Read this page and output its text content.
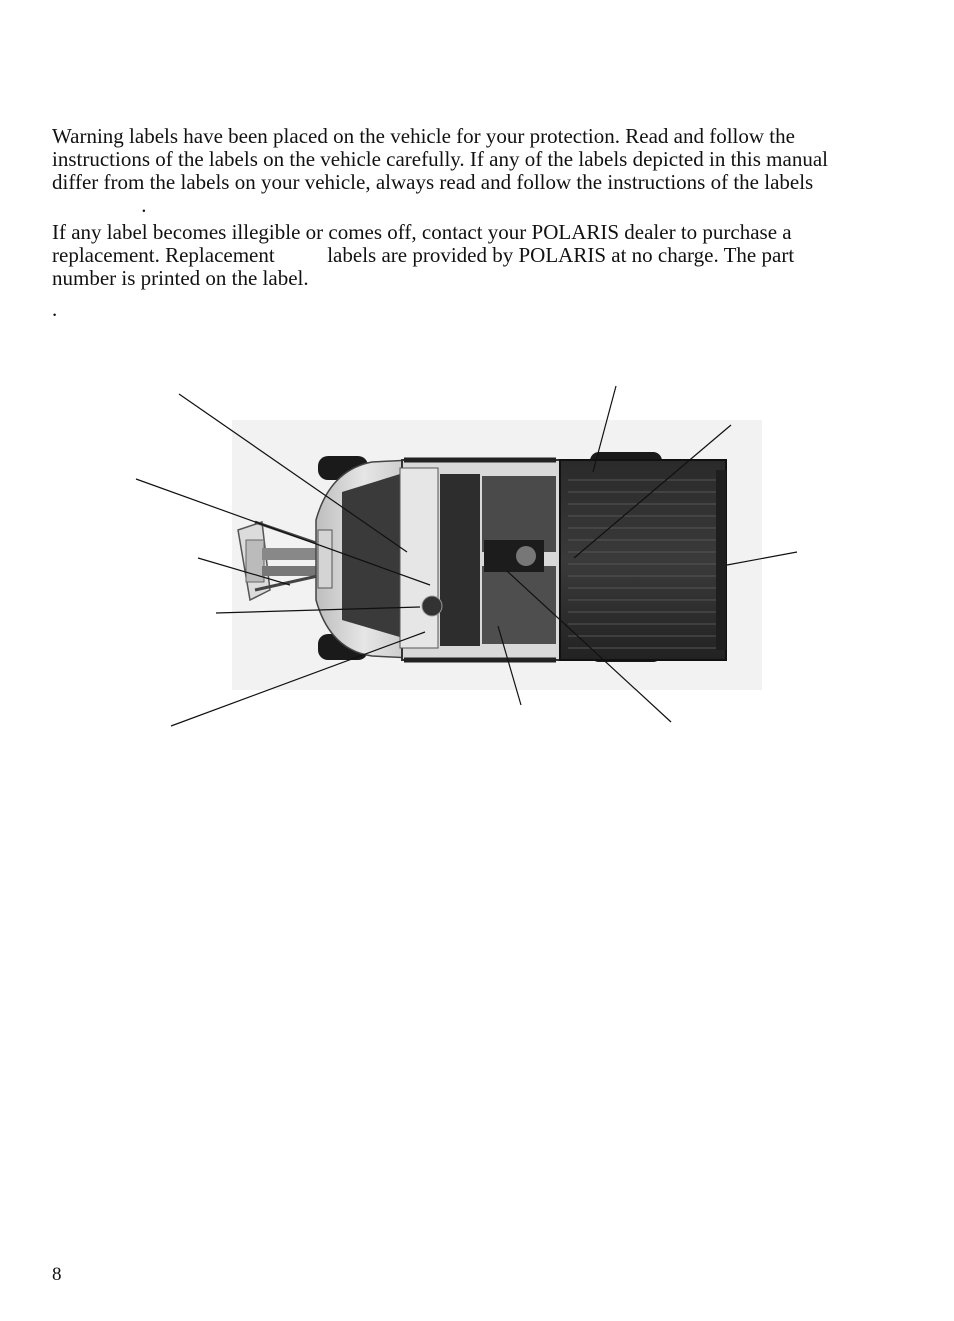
Warning labels have been placed on the vehicle for your protection. Read and follow the
instructions of the labels on the vehicle carefully. If any of the labels depicted in this manual
differ from the labels on your vehicle, always read and follow the instructions of the labels
.

If any label becomes illegible or comes off, contact your POLARIS dealer to purchase a
replacement. Replacement          labels are provided by POLARIS at no charge. The part
number is printed on the label.

.
8
